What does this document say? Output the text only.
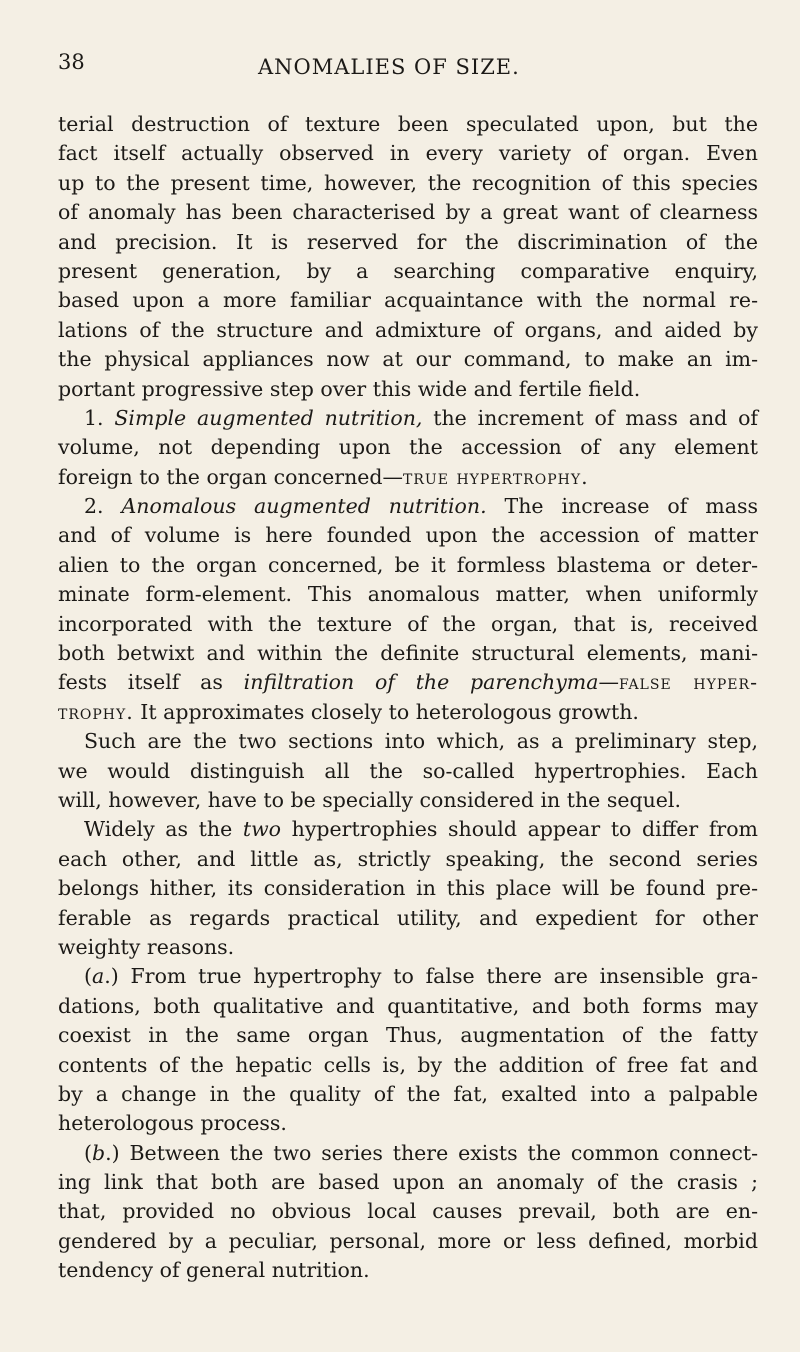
38	ANOMALIES OF SIZE.
terial destruction of texture been speculated upon, but the
fact itself actually observed in every variety of organ. Even
up to the present time, however, the recognition of this species
of anomaly has been characterised by a great want of clearness
and precision. It is reserved for the discrimination of the
present generation, by a searching comparative enquiry,
based upon a more familiar acquaintance with the normal re-
lations of the structure and admixture of organs, and aided by
the physical appliances now at our command, to make an im-
portant progressive step over this wide and fertile field.
1. Simple augmented nutrition, the increment of mass and of
volume, not depending upon the accession of any element
foreign to the organ concerned—true hypertrophy.
2. Anomalous augmented nutrition. The increase of mass
and of volume is here founded upon the accession of matter
alien to the organ concerned, be it formless blastema or deter-
minate form-element. This anomalous matter, when uniformly
incorporated with the texture of the organ, that is, received
both betwixt and within the definite structural elements, mani-
fests itself as infiltration of the parenchyma—false hyper-
trophy. It approximates closely to heterologous growth.
Such are the two sections into which, as a preliminary step,
we would distinguish all the so-called hypertrophies. Each
will, however, have to be specially considered in the sequel.
Widely as the two hypertrophies should appear to differ from
each other, and little as, strictly speaking, the second series
belongs hither, its consideration in this place will be found pre-
ferable as regards practical utility, and expedient for other
weighty reasons.
(a.) From true hypertrophy to false there are insensible gra-
dations, both qualitative and quantitative, and both forms may
coexist in the same organ Thus, augmentation of the fatty
contents of the hepatic cells is, by the addition of free fat and
by a change in the quality of the fat, exalted into a palpable
heterologous process.
(b.) Between the two series there exists the common connect-
ing link that both are based upon an anomaly of the crasis ;
that, provided no obvious local causes prevail, both are en-
gendered by a peculiar, personal, more or less defined, morbid
tendency of general nutrition.
